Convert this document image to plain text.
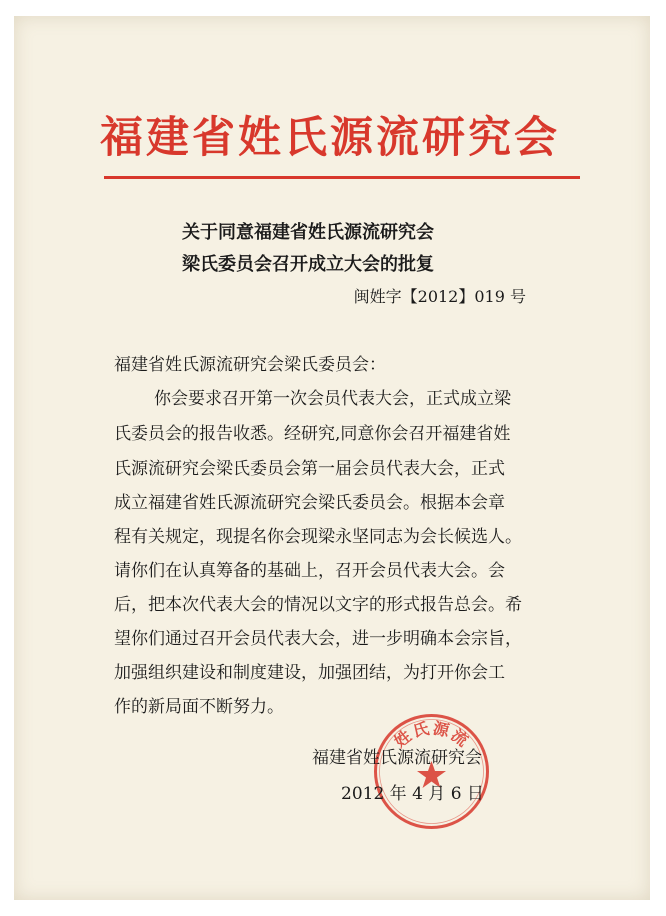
福建省姓氏源流研究会
关于同意福建省姓氏源流研究会
梁氏委员会召开成立大会的批复
闽姓字【2012】019 号
福建省姓氏源流研究会梁氏委员会：
你会要求召开第一次会员代表大会，正式成立梁
氏委员会的报告收悉。经研究,同意你会召开福建省姓
氏源流研究会梁氏委员会第一届会员代表大会，正式
成立福建省姓氏源流研究会梁氏委员会。根据本会章
程有关规定，现提名你会现梁永坚同志为会长候选人。
请你们在认真筹备的基础上，召开会员代表大会。会
后，把本次代表大会的情况以文字的形式报告总会。希
望你们通过召开会员代表大会，进一步明确本会宗旨，
加强组织建设和制度建设，加强团结，为打开你会工
作的新局面不断努力。
姓氏源流
福建省姓氏源流研究会
2012 年 4 月 6 日
